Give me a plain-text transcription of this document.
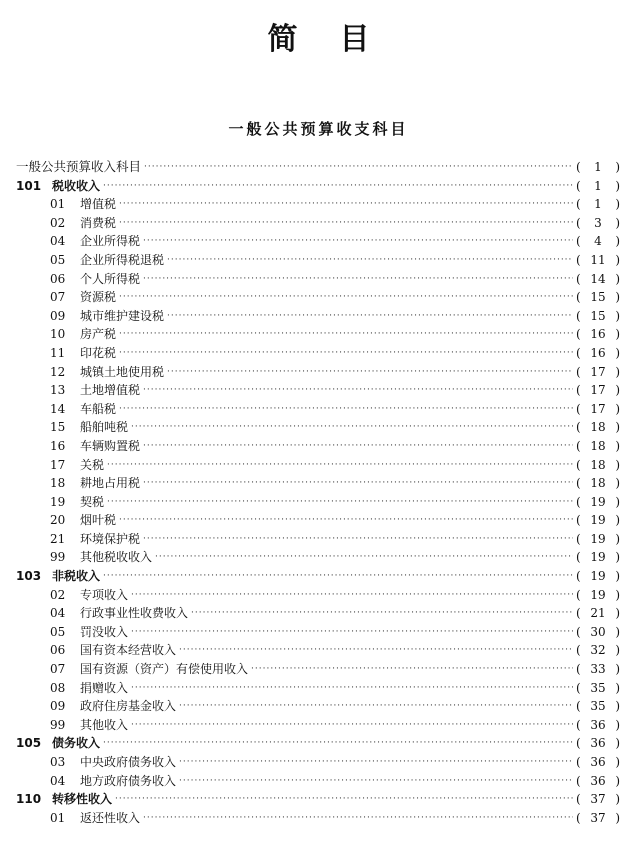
简目
一般公共预算收支科目
一般公共预算收入科目 ·····	(	1	)
101 税收收入 ·····	(	1	)
01	增值税 ·····	(	1	)
02	消费税 ·····	(	3	)
04	企业所得税 ·····	(	4	)
05	企业所得税退税 ·····	( 11 )
06	个人所得税 ·····	( 14 )
07	资源税 ·····	( 15 )
09	城市维护建设税 ·····	( 15 )
10	房产税 ·····	( 16 )
11	印花税 ·····	( 16 )
12	城镇土地使用税 ·····	( 17 )
13	土地增值税 ·····	( 17 )
14	车船税 ·····	( 17 )
15	船舶吨税 ·····	( 18 )
16	车辆购置税 ·····	( 18 )
17	关税 ·····	( 18 )
18	耕地占用税 ·····	( 18 )
19	契税 ·····	( 19 )
20	烟叶税 ·····	( 19 )
21	环境保护税 ·····	( 19 )
99	其他税收收入 ·····	( 19 )
103 非税收入 ·····	( 19 )
02	专项收入 ·····	( 19 )
04	行政事业性收费收入 ·····	( 21 )
05	罚没收入 ·····	( 30 )
06	国有资本经营收入 ·····	( 32 )
07	国有资源（资产）有偿使用收入 ·····	( 33 )
08	捐赠收入 ·····	( 35 )
09	政府住房基金收入 ·····	( 35 )
99	其他收入 ·····	( 36 )
105 债务收入 ·····	( 36 )
03	中央政府债务收入 ·····	( 36 )
04	地方政府债务收入 ·····	( 36 )
110 转移性收入 ·····	( 37 )
01	返还性收入 ·····	( 37 )
